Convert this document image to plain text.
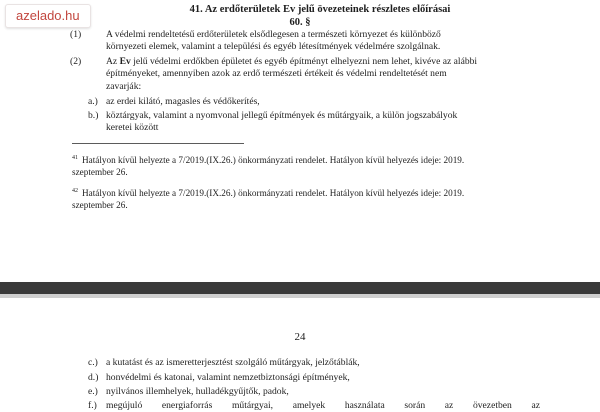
azelado.hu	41. Az erdőterületek Ev jelű övezeteinek részletes előírásai
60. §
(1)	A védelmi rendeltetésű erdőterületek elsődlegesen a természeti környezet és különböző
környezeti elemek, valamint a települési és egyéb létesítmények védelmére szolgálnak.
(2)	Az Ev jelű védelmi erdőkben épületet és egyéb építményt elhelyezni nem lehet, kivéve az alábbi
építményeket, amennyiben azok az erdő természeti értékeit és védelmi rendeltetését nem
zavarják:
a.) az erdei kilátó, magasles és védőkerítés,
b.) köztárgyak, valamint a nyomvonal jellegű építmények és műtárgyaik, a külön jogszabályok
keretei között
$^{41}$ Hatályon kívül helyezte a 7/2019.(IX.26.) önkormányzati rendelet. Hatályon kívül helyezés ideje: 2019.
szeptember 26.
$^{42}$ Hatályon kívül helyezte a 7/2019.(IX.26.) önkormányzati rendelet. Hatályon kívül helyezés ideje: 2019.
szeptember 26.
24
c.) a kutatást és az ismeretterjesztést szolgáló műtárgyak, jelzőtáblák,
d.) honvédelmi és katonai, valamint nemzetbiztonsági építmények,
e.) nyilvános illemhelyek, hulladékgyűjtők, padok,
f.) megújuló energiaforrás műtárgyai, amelyek használata során az övezetben az
